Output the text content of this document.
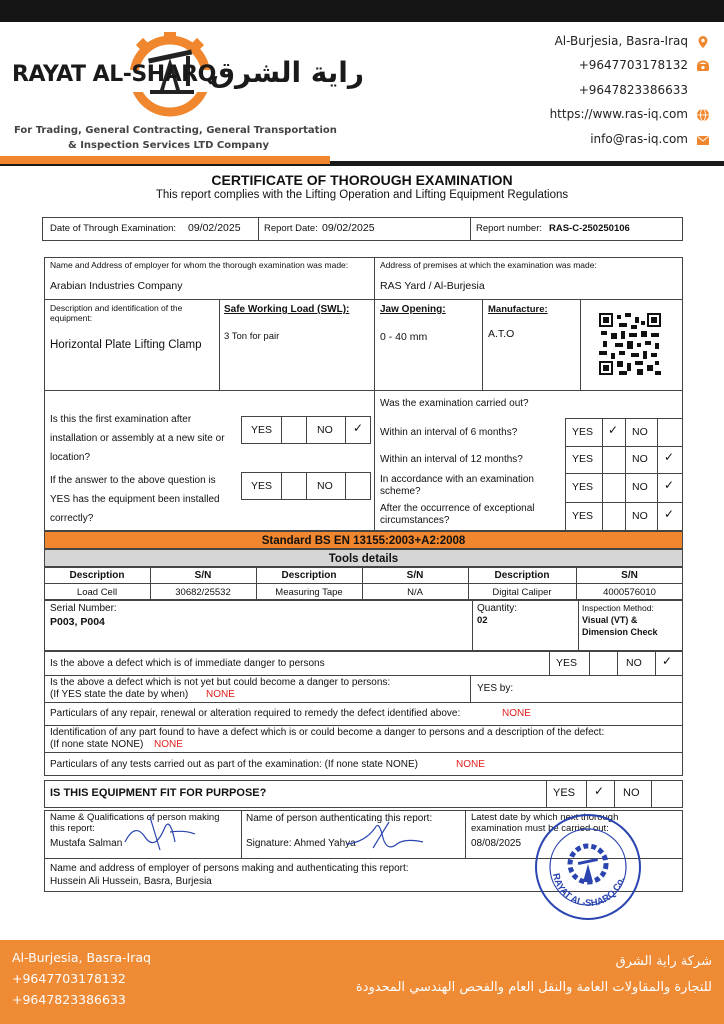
RAYAT AL-SHARQ
راية الشرق
For Trading, General Contracting, General Transportation
& Inspection Services LTD Company
Al-Burjesia, Basra-Iraq
+9647703178132
+9647823386633
https://www.ras-iq.com
info@ras-iq.com
CERTIFICATE OF THOROUGH EXAMINATION
This report complies with the Lifting Operation and Lifting Equipment Regulations
Date of Through Examination: 09/02/2025 Report Date: 09/02/2025	Report number: RAS-C-250250106
Name and Address of employer for whom the thorough examination was made:
Arabian Industries Company
Address of premises at which the examination was made:
RAS Yard / Al-Burjesia
Description and identification of the equipment:
Horizontal Plate Lifting Clamp
Safe Working Load (SWL):
3 Ton for pair
Jaw Opening:
0 - 40 mm
Manufacture:
A.T.O
Is this the first examination after installation or assembly at a new site or location?
YES	NO ✓
If the answer to the above question is YES has the equipment been installed correctly?
YES	NO
Was the examination carried out?
Within an interval of 6 months?	YES ✓ NO
Within an interval of 12 months?	YES	NO ✓
In accordance with an examination scheme?	YES	NO ✓
After the occurrence of exceptional circumstances?	YES	NO ✓
Standard BS EN 13155:2003+A2:2008
Tools details
Description	S/N	Description	S/N	Description	S/N
Load Cell	30682/25532	Measuring Tape	N/A	Digital Caliper	4000576010
Serial Number:
P003, P004
Quantity:
02
Inspection Method:
Visual (VT) & Dimension Check
Is the above a defect which is of immediate danger to persons	YES	NO ✓
Is the above a defect which is not yet but could become a danger to persons:
(If YES state the date by when) NONE
YES by:
Particulars of any repair, renewal or alteration required to remedy the defect identified above:	NONE
Identification of any part found to have a defect which is or could become a danger to persons and a description of the defect:
(If none state NONE) NONE
Particulars of any tests carried out as part of the examination: (If none state NONE)	NONE
IS THIS EQUIPMENT FIT FOR PURPOSE?	YES ✓ NO
Name & Qualifications of person making this report:
Mustafa Salman
Name of person authenticating this report:
Signature: Ahmed Yahya
Latest date by which next thorough examination must be carried out:
08/08/2025
Name and address of employer of persons making and authenticating this report:
Hussein Ali Hussein, Basra, Burjesia	RAYAT AL-SHARQ Co.
Al-Burjesia, Basra-Iraq
+9647703178132
+9647823386633
شركة راية الشرق
للتجارة والمقاولات العامة والنقل العام والفحص الهندسي المحدودة
